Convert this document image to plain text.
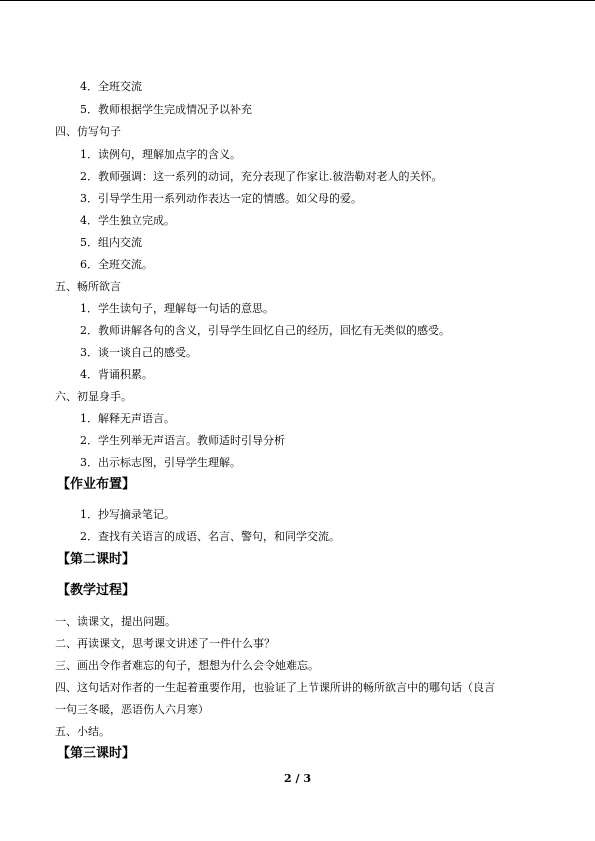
4．全班交流
5．教师根据学生完成情况予以补充
四、仿写句子
1．读例句，理解加点字的含义。
2．教师强调：这一系列的动词，充分表现了作家让.彼浩勒对老人的关怀。
3．引导学生用一系列动作表达一定的情感。如父母的爱。
4．学生独立完成。
5．组内交流
6．全班交流。
五、畅所欲言
1．学生读句子，理解每一句话的意思。
2．教师讲解各句的含义，引导学生回忆自己的经历，回忆有无类似的感受。
3．谈一谈自己的感受。
4．背诵积累。
六、初显身手。
1．解释无声语言。
2．学生列举无声语言。教师适时引导分析
3．出示标志图，引导学生理解。
【作业布置】
1．抄写摘录笔记。
2．查找有关语言的成语、名言、警句，和同学交流。
【第二课时】
【教学过程】
一、读课文，提出问题。
二、再读课文，思考课文讲述了一件什么事？
三、画出令作者难忘的句子，想想为什么会令她难忘。
四、这句话对作者的一生起着重要作用，也验证了上节课所讲的畅所欲言中的哪句话（良言
一句三冬暖，恶语伤人六月寒）
五、小结。
【第三课时】
2 / 3
